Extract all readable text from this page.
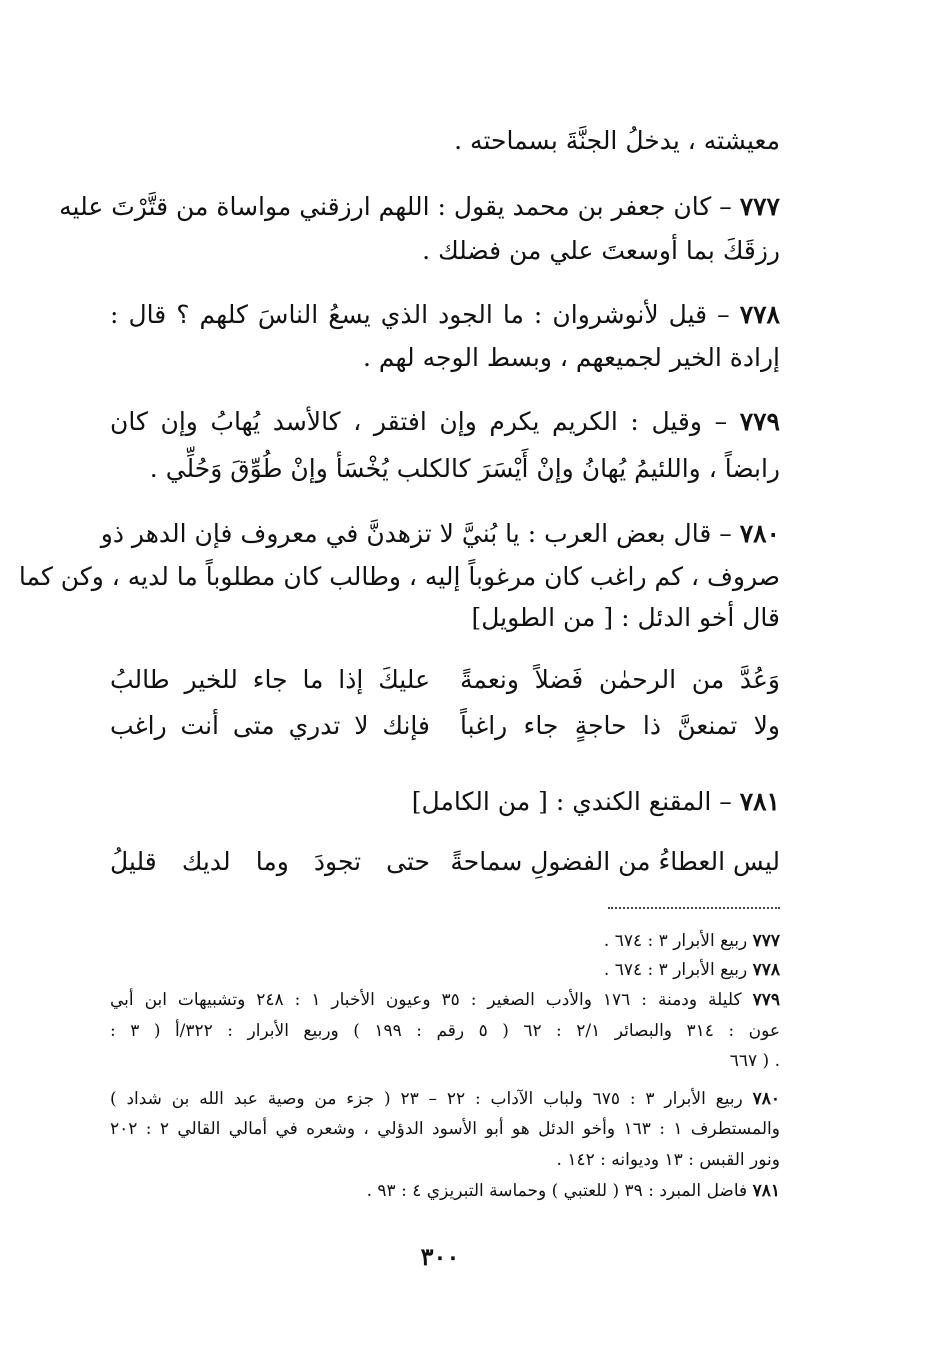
معيشته ، يدخلُ الجنَّةَ بسماحته .
٧٧٧ – كان جعفر بن محمد يقول : اللهم ارزقني مواساة من قتَّرْتَ عليه
رزقَكَ بما أوسعتَ علي من فضلك .
٧٧٨ – قيل لأنوشروان : ما الجود الذي يسعُ الناسَ كلهم ؟ قال :
إرادة الخير لجميعهم ، وبسط الوجه لهم .
٧٧٩ – وقيل : الكريم يكرم وإن افتقر ، كالأسد يُهابُ وإن كان
رابضاً ، واللئيمُ يُهانُ وإنْ أَيْسَرَ كالكلب يُخْسَأ وإنْ طُوِّقَ وَحُلِّي .
٧٨٠ – قال بعض العرب : يا بُنيَّ لا تزهدنَّ في معروف فإن الدهر ذو
صروف ، كم راغب كان مرغوباً إليه ، وطالب كان مطلوباً ما لديه ، وكن كما
قال أخو الدئل : [ من الطويل]
وَعُدَّ من الرحمٰن فَضلاً ونعمةً
عليكَ إذا ما جاء للخير طالبُ
ولا تمنعنَّ ذا حاجةٍ جاء راغباً
فإنك لا تدري متى أنت راغب
٧٨١ – المقنع الكندي : [ من الكامل]
ليس العطاءُ من الفضولِ سماحةً
حتى تجودَ وما لديك قليلُ
٧٧٧ ربيع الأبرار ٣ : ٦٧٤ .
٧٧٨ ربيع الأبرار ٣ : ٦٧٤ .
٧٧٩ كليلة ودمنة : ١٧٦ والأدب الصغير : ٣٥ وعيون الأخبار ١ : ٢٤٨ وتشبيهات ابن أبي
عون : ٣١٤ والبصائر ٢/١ : ٦٢ ( ٥ رقم : ١٩٩ ) وربيع الأبرار : ٣٢٢/أ ( ٣ :
٦٦٧ ) .
٧٨٠ ربيع الأبرار ٣ : ٦٧٥ ولباب الآداب : ٢٢ – ٢٣ ( جزء من وصية عبد الله بن شداد )
والمستطرف ١ : ١٦٣ وأخو الدئل هو أبو الأسود الدؤلي ، وشعره في أمالي القالي ٢ : ٢٠٢
ونور القبس : ١٣ وديوانه : ١٤٢ .
٧٨١ فاضل المبرد : ٣٩ ( للعتبي ) وحماسة التبريزي ٤ : ٩٣ .
٣٠٠
